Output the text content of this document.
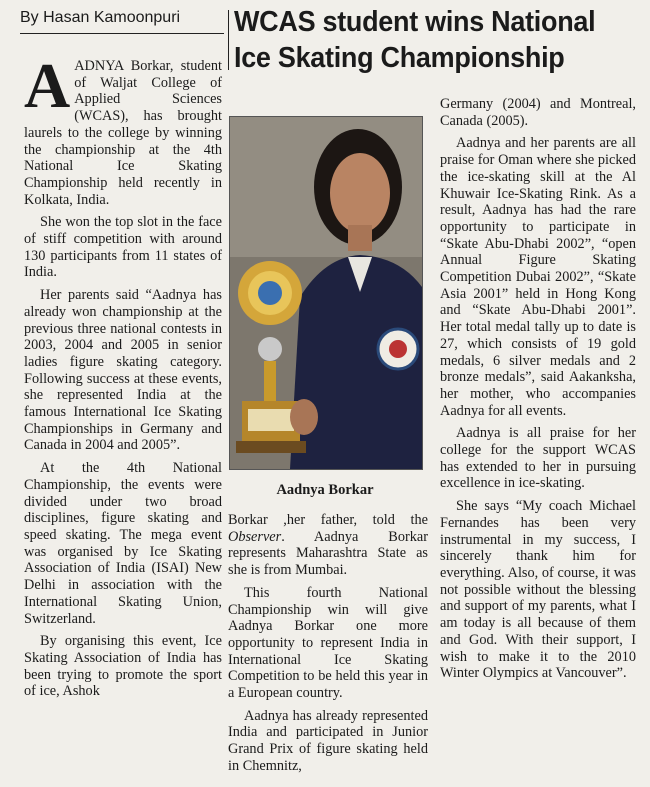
By Hasan Kamoonpuri WCAS student wins National
Ice Skating Championship

AADNYA Borkar, student of Waljat College of Applied Sciences (WCAS), has brought laurels to the college by winning the championship at the 4th National Ice Skating Championship held recently in Kolkata, India.

She won the top slot in the face of stiff competition with around 130 participants from 11 states of India.

Her parents said “Aadnya has already won championship at the previous three national contests in 2003, 2004 and 2005 in senior ladies figure skating category. Following success at these events, she represented India at the famous International Ice Skating Championships in Germany and Canada in 2004 and 2005”.

At the 4th National Championship, the events were divided under two broad disciplines, figure skating and speed skating. The mega event was organised by Ice Skating Association of India (ISAI) New Delhi in association with the International Skating Union, Switzerland.

By organising this event, Ice Skating Association of India has been trying to promote the sport of ice, Ashok

Aadnya Borkar

Borkar ,her father, told the Observer. Aadnya Borkar represents Maharashtra State as she is from Mumbai.

This fourth National Championship win will give Aadnya Borkar one more opportunity to represent India in International Ice Skating Competition to be held this year in a European country.

Aadnya has already represented India and participated in Junior Grand Prix of figure skating held in Chemnitz,

Germany (2004) and Montreal, Canada (2005).

Aadnya and her parents are all praise for Oman where she picked the ice-skating skill at the Al Khuwair Ice-Skating Rink. As a result, Aadnya has had the rare opportunity to participate in “Skate Abu-Dhabi 2002”, “open Annual Figure Skating Competition Dubai 2002”, “Skate Asia 2001” held in Hong Kong and “Skate Abu-Dhabi 2001”. Her total medal tally up to date is 27, which consists of 19 gold medals, 6 silver medals and 2 bronze medals”, said Aakanksha, her mother, who accompanies Aadnya for all events.

Aadnya is all praise for her college for the support WCAS has extended to her in pursuing excellence in ice-skating.

She says “My coach Michael Fernandes has been very instrumental in my success, I sincerely thank him for everything. Also, of course, it was not possible without the blessing and support of my parents, what I am today is all because of them and God. With their support, I wish to make it to the 2010 Winter Olympics at Vancouver”.
